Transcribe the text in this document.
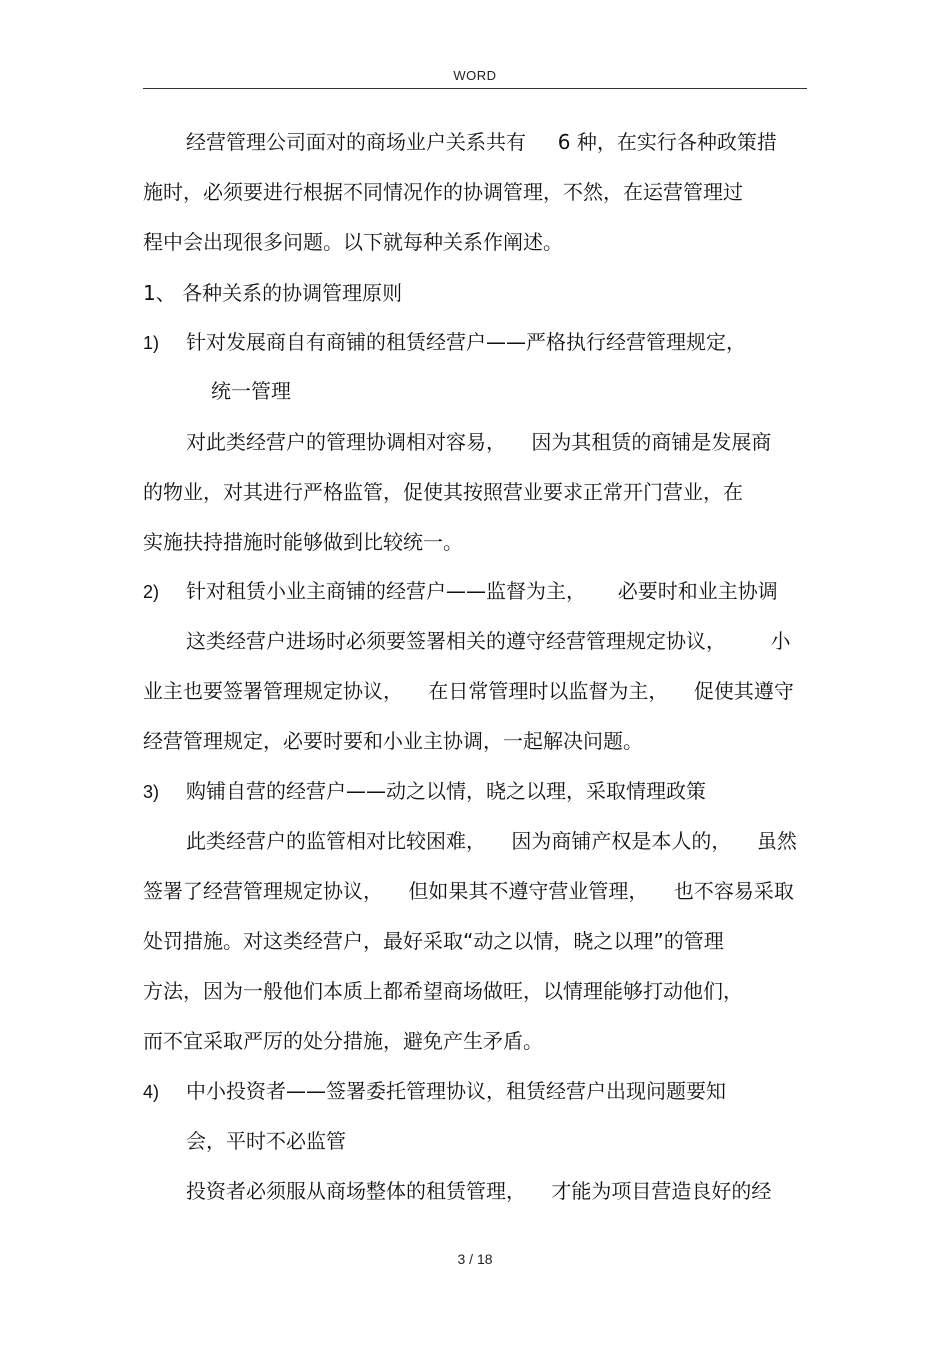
WORD
经营管理公司面对的商场业户关系共有     6 种，在实行各种政策措
施时，必须要进行根据不同情况作的协调管理，不然，在运营管理过
程中会出现很多问题。以下就每种关系作阐述。
1、 各种关系的协调管理原则
1) 针对发展商自有商铺的租赁经营户——严格执行经营管理规定，
统一管理
对此类经营户的管理协调相对容易，    因为其租赁的商铺是发展商
的物业，对其进行严格监管，促使其按照营业要求正常开门营业，在
实施扶持措施时能够做到比较统一。
2) 针对租赁小业主商铺的经营户——监督为主，     必要时和业主协调
这类经营户进场时必须要签署相关的遵守经营管理规定协议，       小
业主也要签署管理规定协议，    在日常管理时以监督为主，    促使其遵守
经营管理规定，必要时要和小业主协调，一起解决问题。
3) 购铺自营的经营户——动之以情，晓之以理，采取情理政策
此类经营户的监管相对比较困难，    因为商铺产权是本人的，    虽然
签署了经营管理规定协议，    但如果其不遵守营业管理，    也不容易采取
处罚措施。对这类经营户，最好采取“动之以情，晓之以理”的管理
方法，因为一般他们本质上都希望商场做旺，以情理能够打动他们，
而不宜采取严厉的处分措施，避免产生矛盾。
4) 中小投资者——签署委托管理协议，租赁经营户出现问题要知
会，平时不必监管
投资者必须服从商场整体的租赁管理，    才能为项目营造良好的经
3 / 18
